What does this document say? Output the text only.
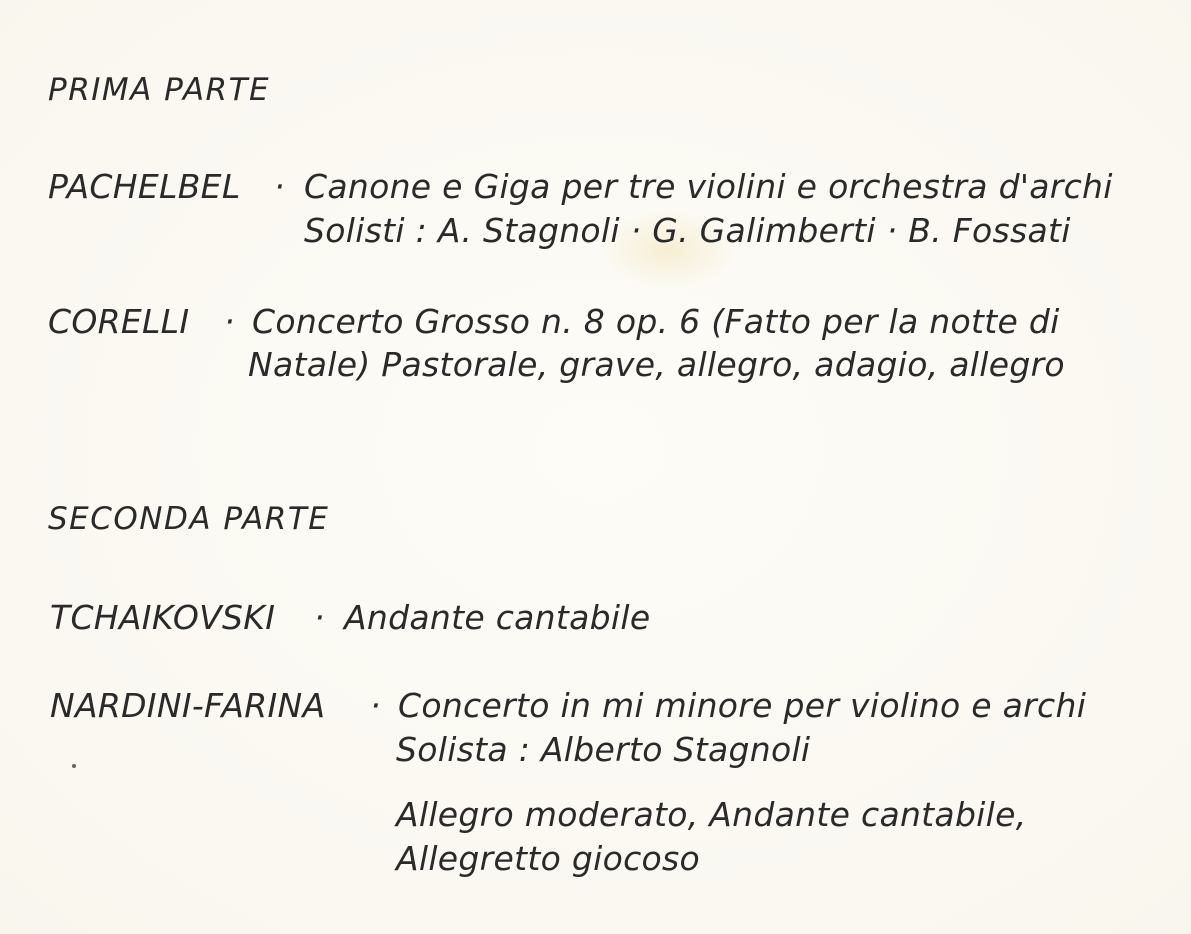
PRIMA PARTE
PACHELBEL · Canone e Giga per tre violini e orchestra d'archi
Solisti : A. Stagnoli · G. Galimberti · B. Fossati
CORELLI · Concerto Grosso n. 8 op. 6 (Fatto per la notte di
Natale) Pastorale, grave, allegro, adagio, allegro
SECONDA PARTE
TCHAIKOVSKI · Andante cantabile
NARDINI-FARINA · Concerto in mi minore per violino e archi
Solista : Alberto Stagnoli
Allegro moderato, Andante cantabile,
Allegretto giocoso
